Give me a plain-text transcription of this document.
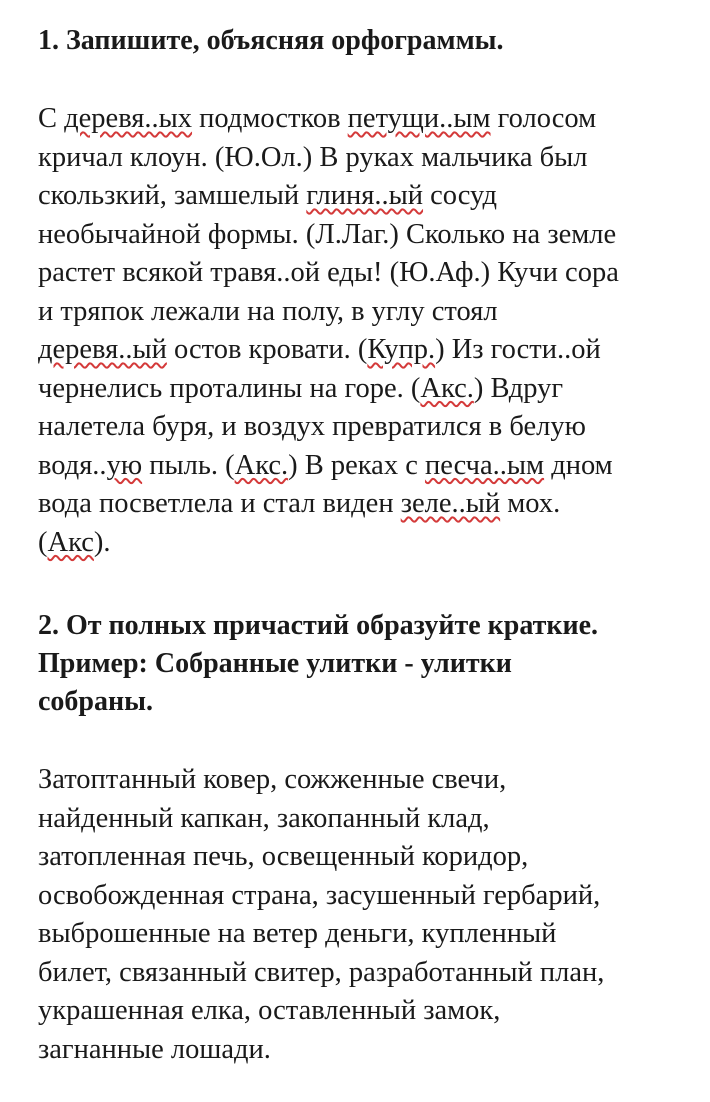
1. Запишите, объясняя орфограммы.
С деревя..ых подмостков петущи..ым голосом
кричал клоун. (Ю.Ол.) В руках мальчика был
скользкий, замшелый глиня..ый сосуд
необычайной формы. (Л.Лаг.) Сколько на земле
растет всякой травя..ой еды! (Ю.Аф.) Кучи сора
и тряпок лежали на полу, в углу стоял
деревя..ый остов кровати. (Купр.) Из гости..ой
чернелись проталины на горе. (Акс.) Вдруг
налетела буря, и воздух превратился в белую
водя..ую пыль. (Акс.) В реках с песча..ым дном
вода посветлела и стал виден зеле..ый мох.
(Акс).
2. От полных причастий образуйте краткие.
Пример: Собранные улитки - улитки
собраны.
Затоптанный ковер, сожженные свечи,
найденный капкан, закопанный клад,
затопленная печь, освещенный коридор,
освобожденная страна, засушенный гербарий,
выброшенные на ветер деньги, купленный
билет, связанный свитер, разработанный план,
украшенная елка, оставленный замок,
загнанные лошади.
